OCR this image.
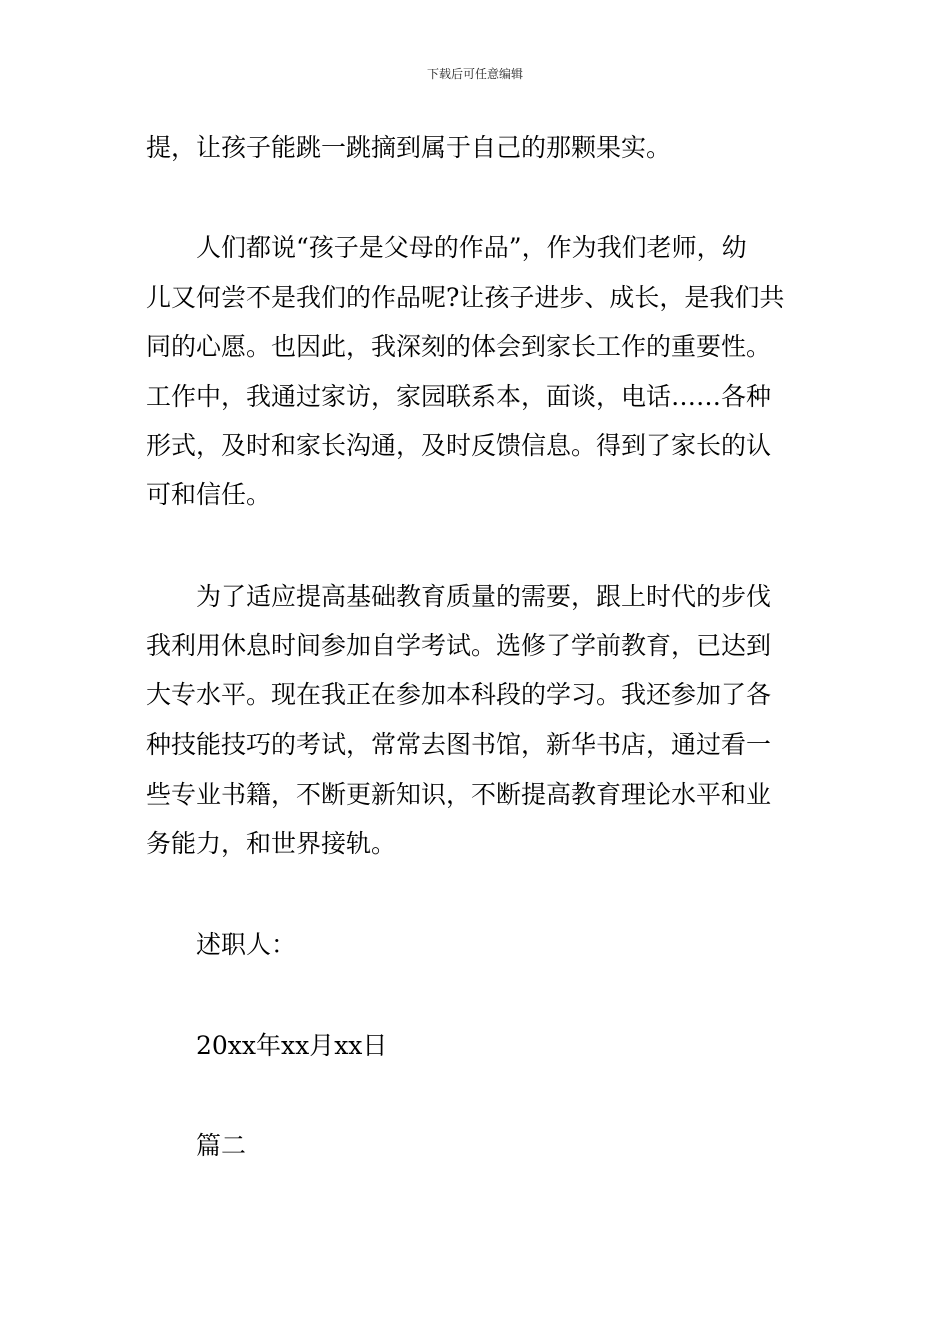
下载后可任意编辑
提，让孩子能跳一跳摘到属于自己的那颗果实。
人们都说“孩子是父母的作品”，作为我们老师，幼
儿又何尝不是我们的作品呢?让孩子进步、成长，是我们共
同的心愿。也因此，我深刻的体会到家长工作的重要性。
工作中，我通过家访，家园联系本，面谈，电话……各种
形式，及时和家长沟通，及时反馈信息。得到了家长的认
可和信任。
为了适应提高基础教育质量的需要，跟上时代的步伐
我利用休息时间参加自学考试。选修了学前教育，已达到
大专水平。现在我正在参加本科段的学习。我还参加了各
种技能技巧的考试，常常去图书馆，新华书店，通过看一
些专业书籍，不断更新知识，不断提高教育理论水平和业
务能力，和世界接轨。
述职人：
20xx年xx月xx日
篇二
